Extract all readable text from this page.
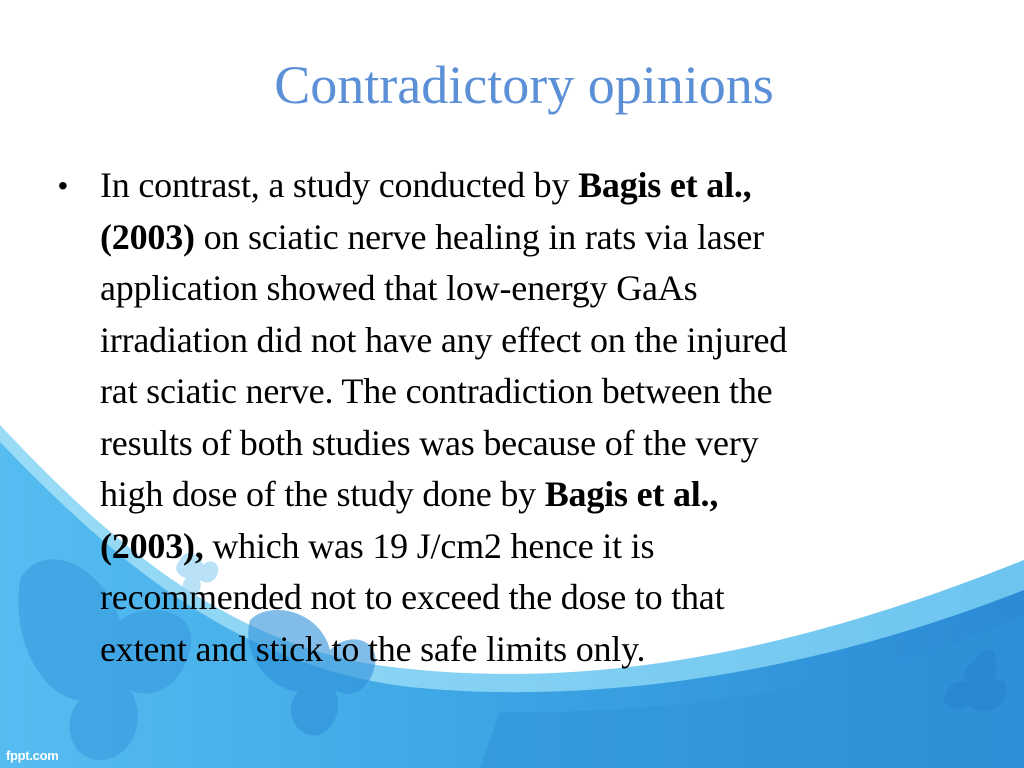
Contradictory opinions
• In contrast, a study conducted by Bagis et al.,
(2003) on sciatic nerve healing in rats via laser
application showed that low-energy GaAs
irradiation did not have any effect on the injured
rat sciatic nerve. The contradiction between the
results of both studies was because of the very
high dose of the study done by Bagis et al.,
(2003), which was 19 J/cm2 hence it is
recommended not to exceed the dose to that
extent and stick to the safe limits only.
fppt.com
